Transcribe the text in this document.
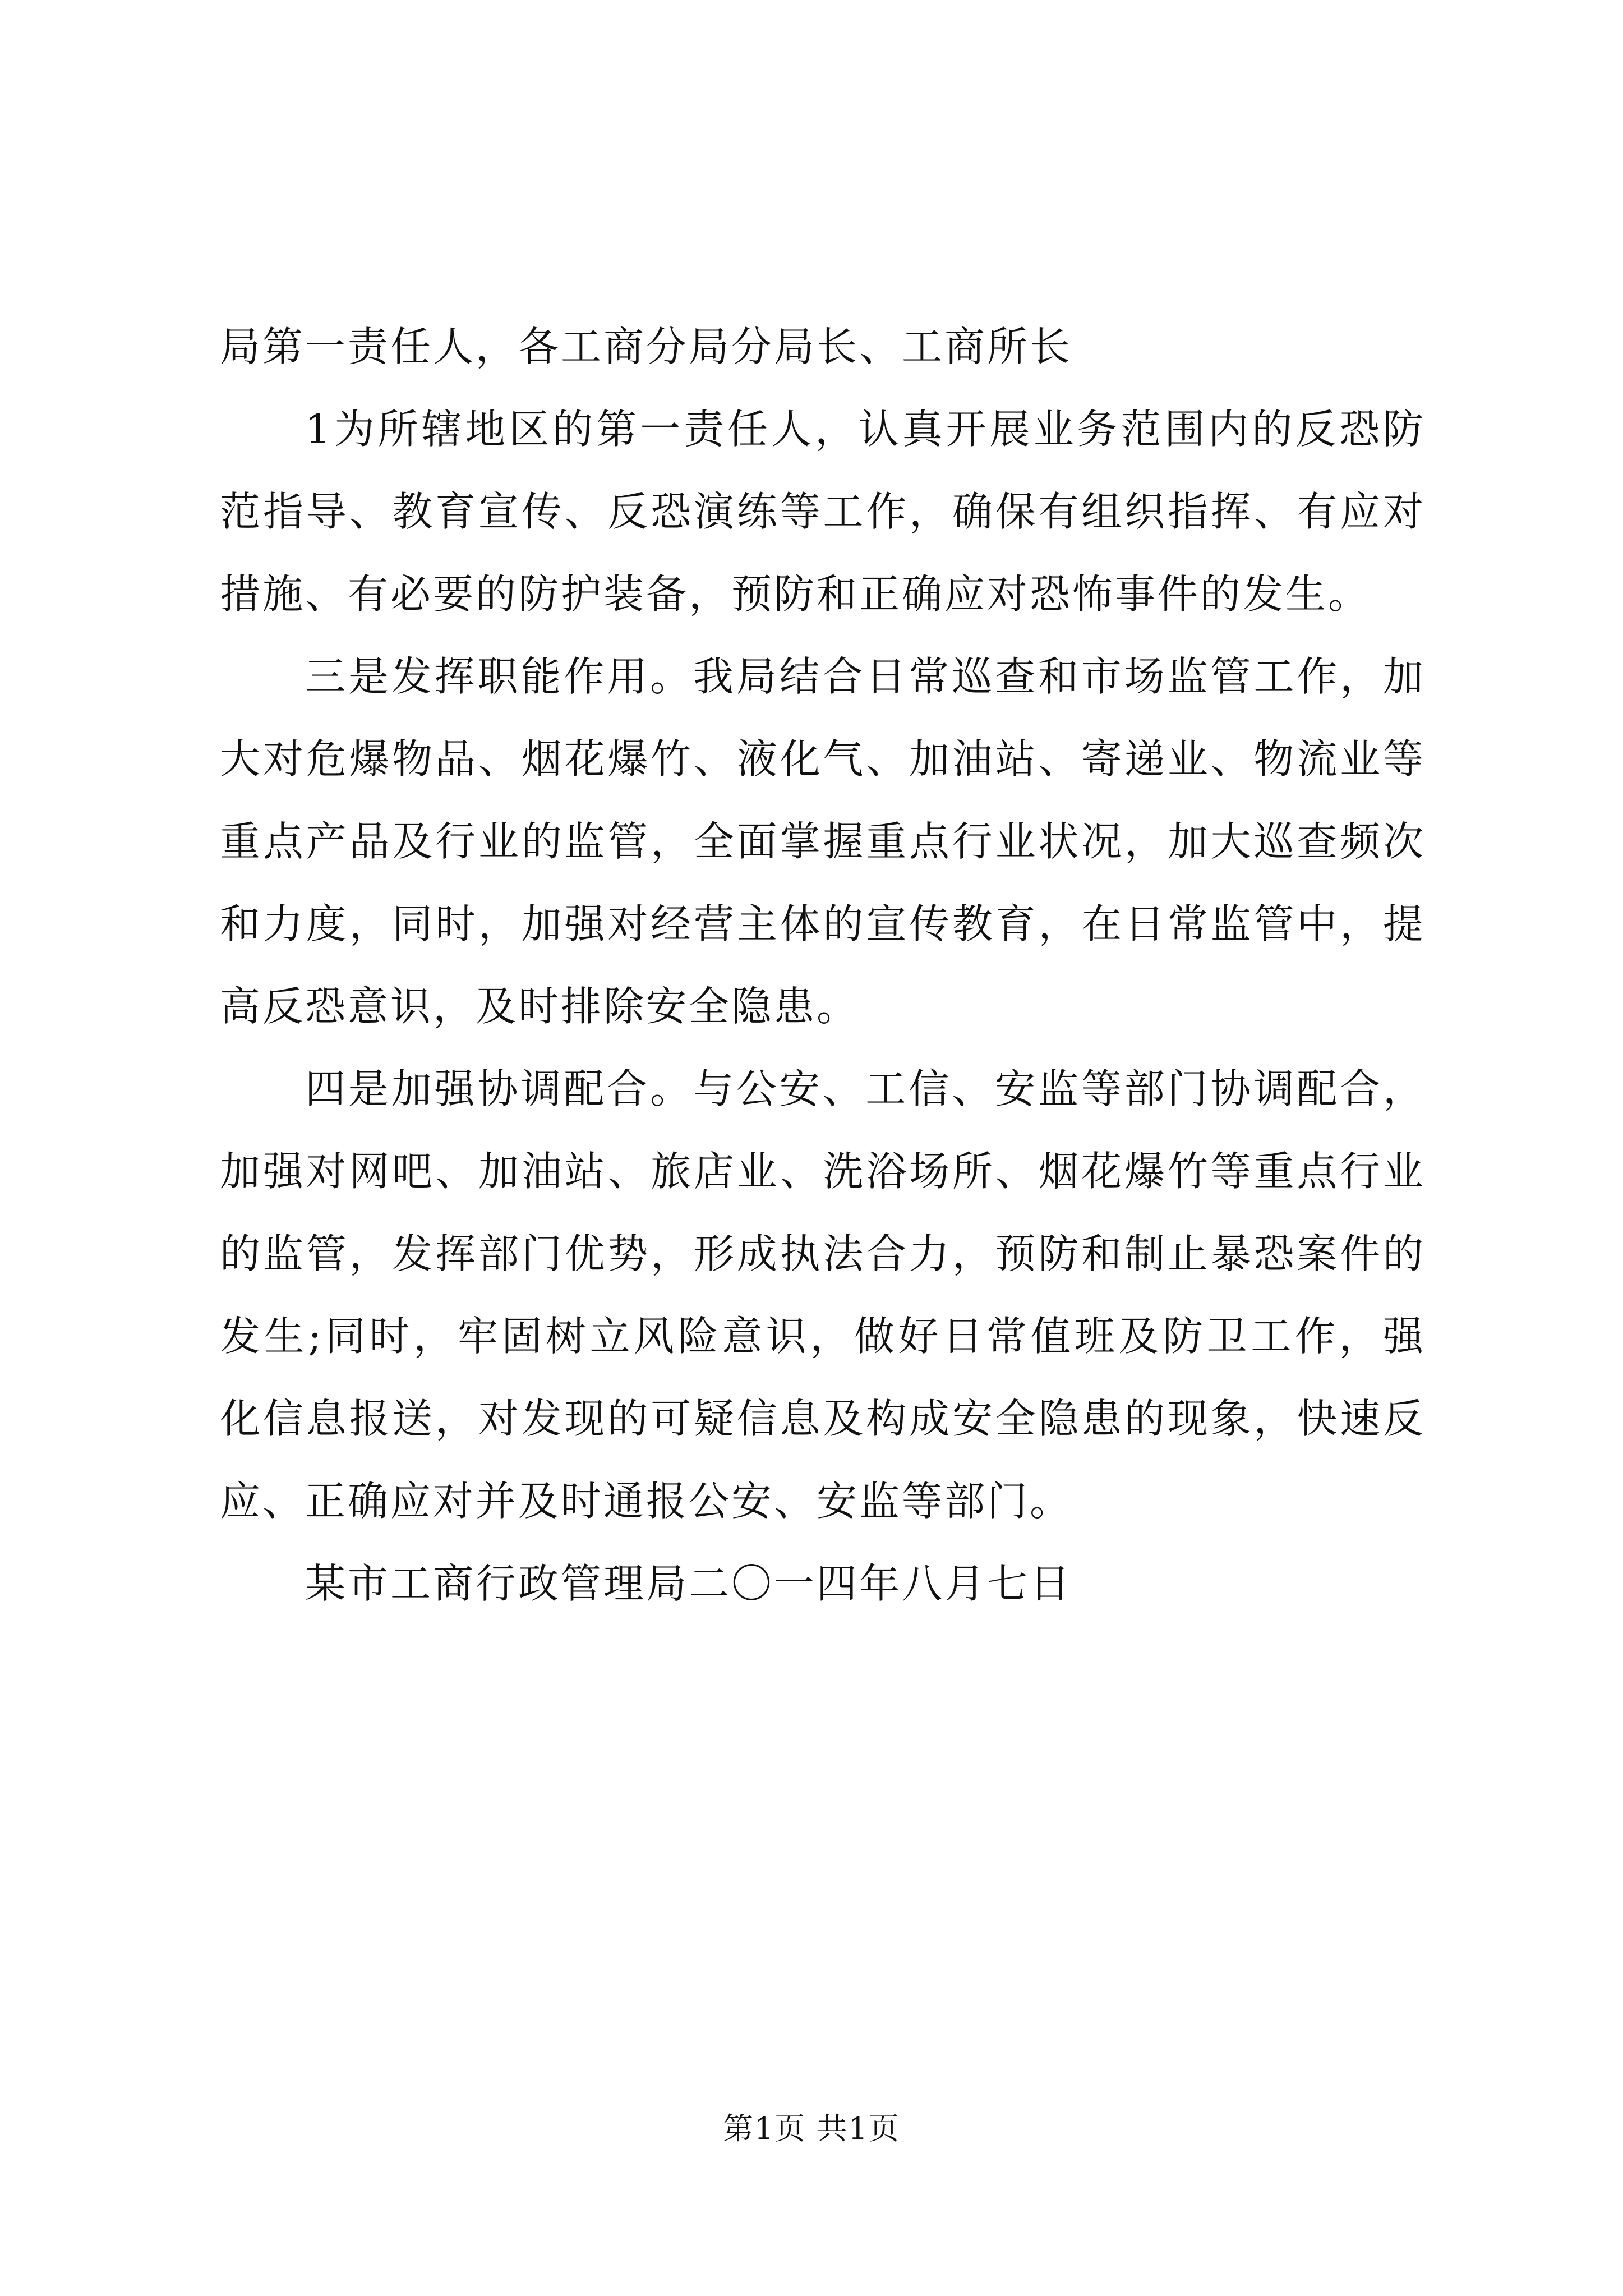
局第一责任人，各工商分局分局长、工商所长

1为所辖地区的第一责任人，认真开展业务范围内的反恐防范指导、教育宣传、反恐演练等工作，确保有组织指挥、有应对措施、有必要的防护装备，预防和正确应对恐怖事件的发生。

三是发挥职能作用。我局结合日常巡查和市场监管工作，加大对危爆物品、烟花爆竹、液化气、加油站、寄递业、物流业等重点产品及行业的监管，全面掌握重点行业状况，加大巡查频次和力度，同时，加强对经营主体的宣传教育，在日常监管中，提高反恐意识，及时排除安全隐患。

四是加强协调配合。与公安、工信、安监等部门协调配合，加强对网吧、加油站、旅店业、洗浴场所、烟花爆竹等重点行业的监管，发挥部门优势，形成执法合力，预防和制止暴恐案件的发生;同时，牢固树立风险意识，做好日常值班及防卫工作，强化信息报送，对发现的可疑信息及构成安全隐患的现象，快速反应、正确应对并及时通报公安、安监等部门。

某市工商行政管理局二〇一四年八月七日

第1页 共1页
